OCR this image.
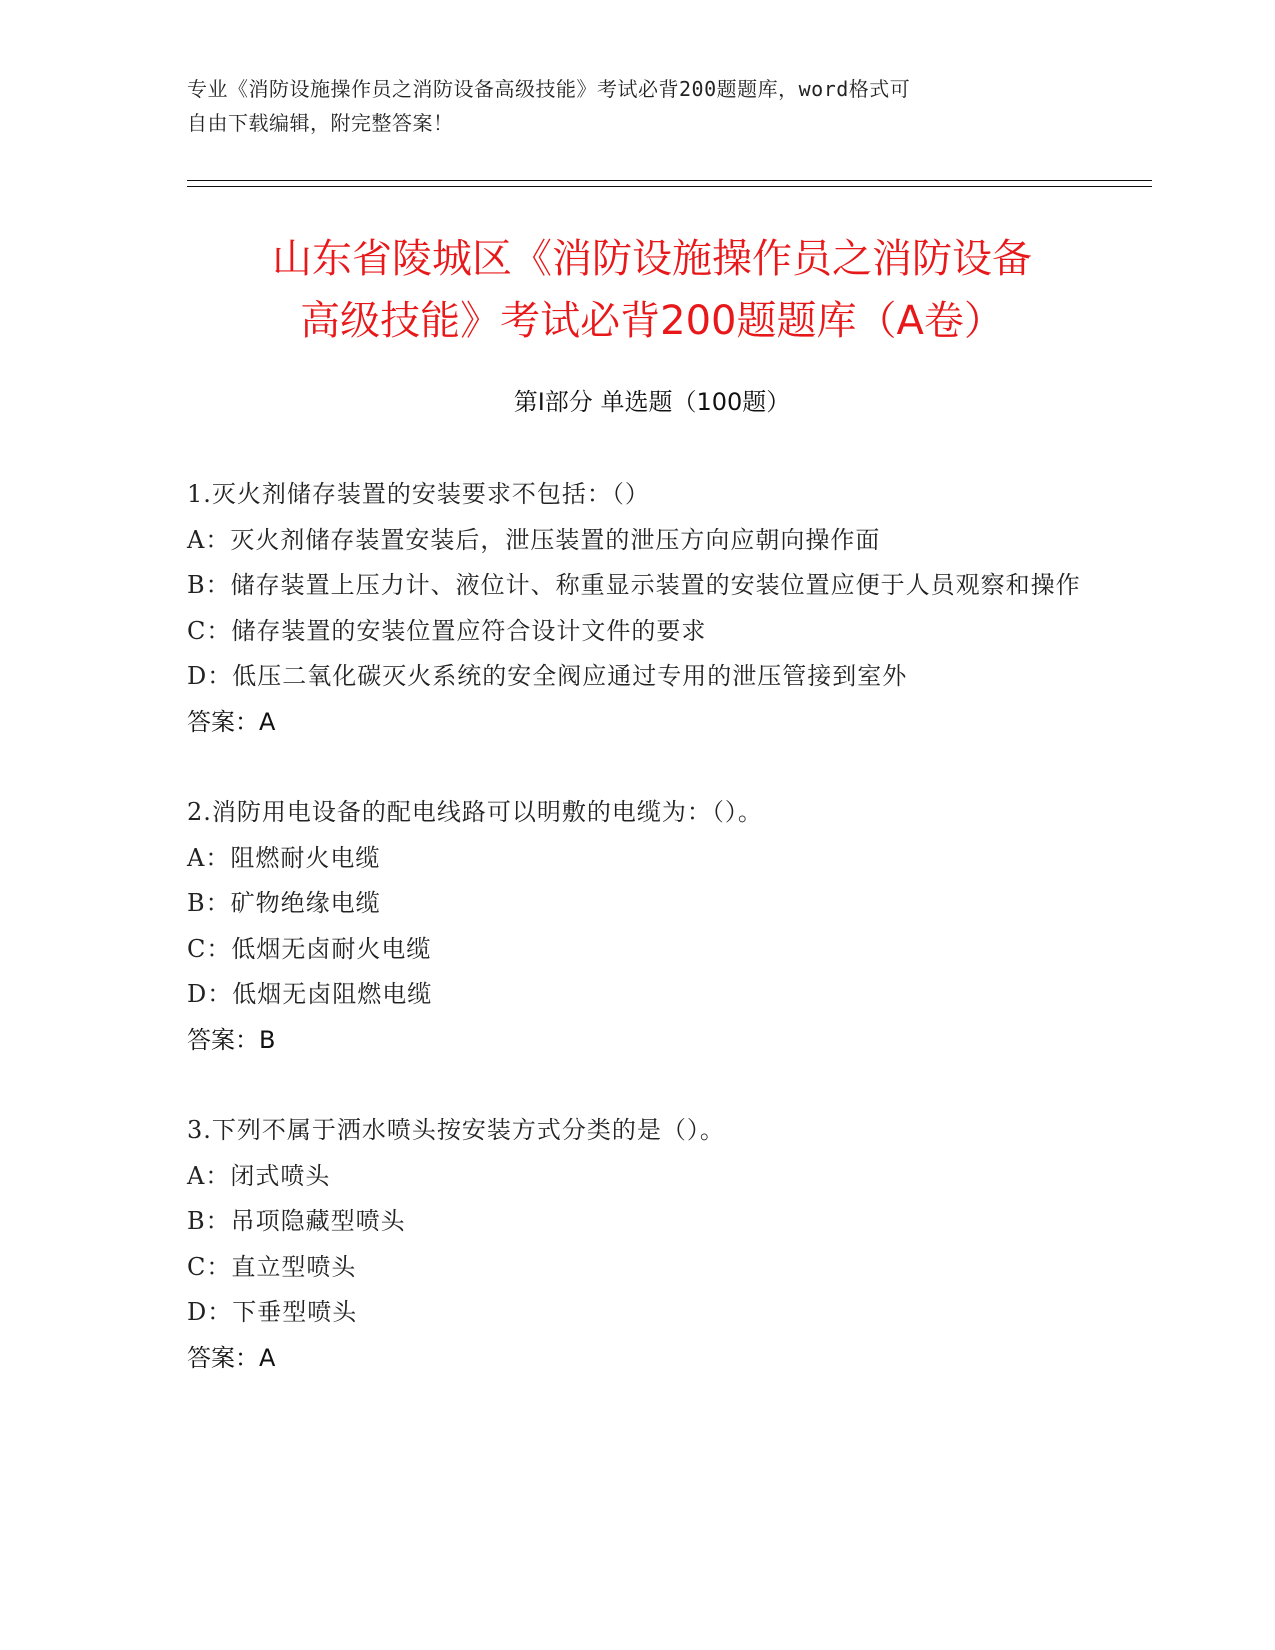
专业《消防设施操作员之消防设备高级技能》考试必背200题题库，word格式可
自由下载编辑，附完整答案！
山东省陵城区《消防设施操作员之消防设备
高级技能》考试必背200题题库（A卷）
第I部分 单选题（100题）
1.灭火剂储存装置的安装要求不包括：（）
A：灭火剂储存装置安装后，泄压装置的泄压方向应朝向操作面
B：储存装置上压力计、液位计、称重显示装置的安装位置应便于人员观察和操作
C：储存装置的安装位置应符合设计文件的要求
D：低压二氧化碳灭火系统的安全阀应通过专用的泄压管接到室外
答案：A
2.消防用电设备的配电线路可以明敷的电缆为：（）。
A：阻燃耐火电缆
B：矿物绝缘电缆
C：低烟无卤耐火电缆
D：低烟无卤阻燃电缆
答案：B
3.下列不属于洒水喷头按安装方式分类的是（）。
A：闭式喷头
B：吊项隐藏型喷头
C：直立型喷头
D：下垂型喷头
答案：A
